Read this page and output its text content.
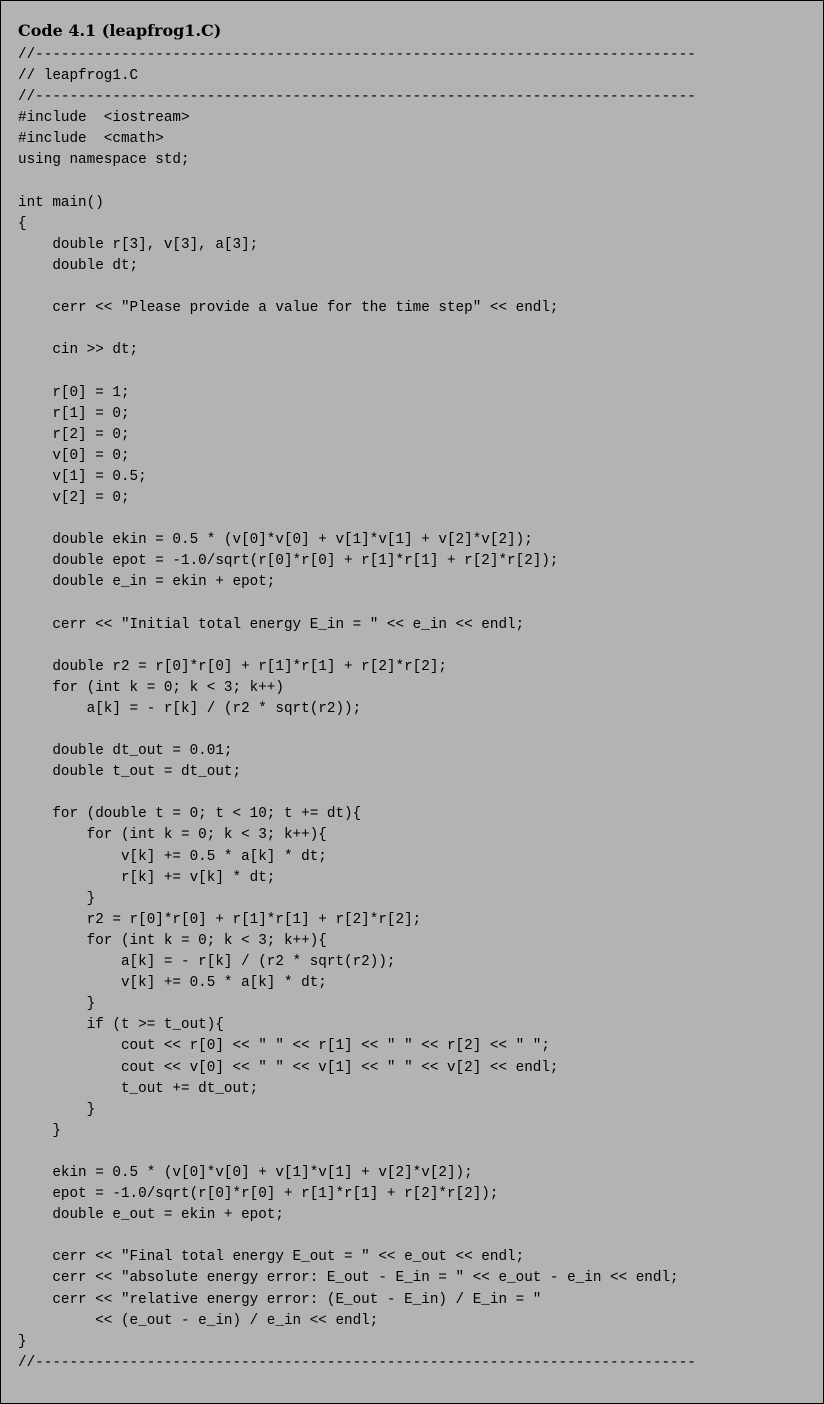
Code 4.1 (leapfrog1.C)
//-----------------------------------------------------------------------------
// leapfrog1.C
//-----------------------------------------------------------------------------
#include  <iostream>
#include  <cmath>
using namespace std;

int main()
{
double r[3], v[3], a[3];
double dt;

cerr << "Please provide a value for the time step" << endl;

cin >> dt;

r[0] = 1;
r[1] = 0;
r[2] = 0;
v[0] = 0;
v[1] = 0.5;
v[2] = 0;

double ekin = 0.5 * (v[0]*v[0] + v[1]*v[1] + v[2]*v[2]);
double epot = -1.0/sqrt(r[0]*r[0] + r[1]*r[1] + r[2]*r[2]);
double e_in = ekin + epot;

cerr << "Initial total energy E_in = " << e_in << endl;

double r2 = r[0]*r[0] + r[1]*r[1] + r[2]*r[2];
for (int k = 0; k < 3; k++)
a[k] = - r[k] / (r2 * sqrt(r2));

double dt_out = 0.01;
double t_out = dt_out;

for (double t = 0; t < 10; t += dt){
for (int k = 0; k < 3; k++){
v[k] += 0.5 * a[k] * dt;
r[k] += v[k] * dt;
}
r2 = r[0]*r[0] + r[1]*r[1] + r[2]*r[2];
for (int k = 0; k < 3; k++){
a[k] = - r[k] / (r2 * sqrt(r2));
v[k] += 0.5 * a[k] * dt;
}
if (t >= t_out){
cout << r[0] << " " << r[1] << " " << r[2] << " ";
cout << v[0] << " " << v[1] << " " << v[2] << endl;
t_out += dt_out;
}
}

ekin = 0.5 * (v[0]*v[0] + v[1]*v[1] + v[2]*v[2]);
epot = -1.0/sqrt(r[0]*r[0] + r[1]*r[1] + r[2]*r[2]);
double e_out = ekin + epot;

cerr << "Final total energy E_out = " << e_out << endl;
cerr << "absolute energy error: E_out - E_in = " << e_out - e_in << endl;
cerr << "relative energy error: (E_out - E_in) / E_in = "
<< (e_out - e_in) / e_in << endl;
}
//-----------------------------------------------------------------------------
